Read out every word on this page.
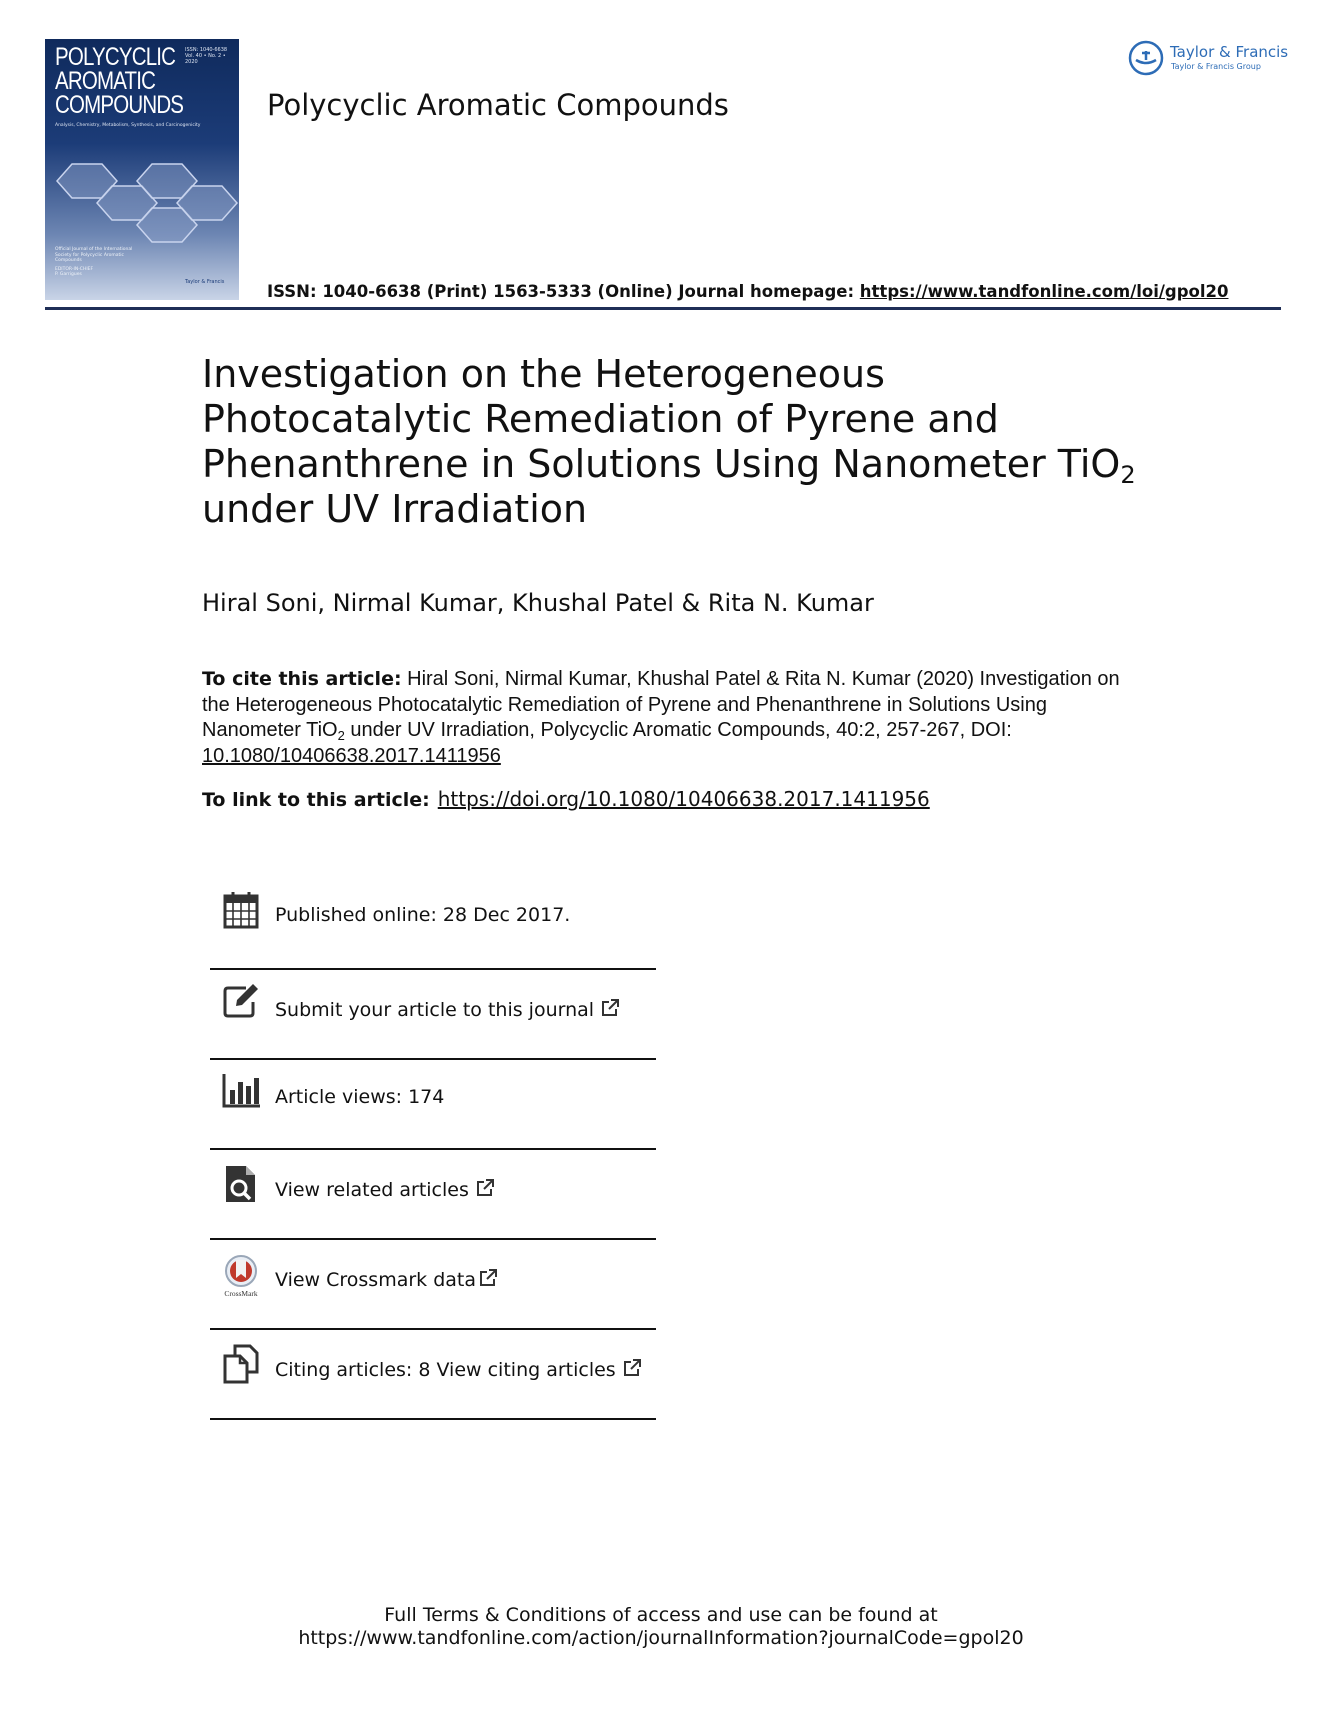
POLYCYCLIC
AROMATIC
COMPOUNDS
ISSN: 1040-6638
Vol. 40 • No. 2 • 2020
Analysis, Chemistry, Metabolism, Synthesis, and Carcinogenicity
Official Journal of the International Society for Polycyclic Aromatic Compounds
EDITOR-IN-CHIEF
P. Garrigues
Taylor & Francis
Polycyclic Aromatic Compounds
Taylor & Francis
Taylor & Francis Group
ISSN: 1040-6638 (Print) 1563-5333 (Online) Journal homepage: https://www.tandfonline.com/loi/gpol20
Investigation on the Heterogeneous Photocatalytic Remediation of Pyrene and Phenanthrene in Solutions Using Nanometer TiO$_2$ under UV Irradiation
Hiral Soni, Nirmal Kumar, Khushal Patel & Rita N. Kumar
To cite this article: Hiral Soni, Nirmal Kumar, Khushal Patel & Rita N. Kumar (2020) Investigation on the Heterogeneous Photocatalytic Remediation of Pyrene and Phenanthrene in Solutions Using Nanometer TiO$_2$ under UV Irradiation, Polycyclic Aromatic Compounds, 40:2, 257-267, DOI: 10.1080/10406638.2017.1411956
To link to this article: https://doi.org/10.1080/10406638.2017.1411956
Published online: 28 Dec 2017.
Submit your article to this journal
Article views: 174
View related articles
CrossMark
View Crossmark data
Citing articles: 8 View citing articles
Full Terms & Conditions of access and use can be found at
https://www.tandfonline.com/action/journalInformation?journalCode=gpol20
